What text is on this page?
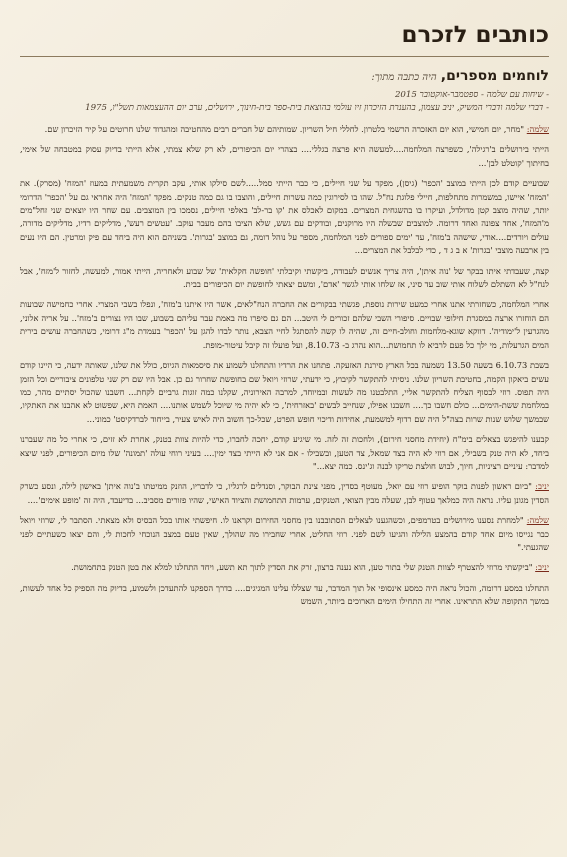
כותבים לזכרם
לוחמים מספרים, היה כתבה מתוך:
- שיחות עם שלמה - ספטמבר-אוקטובר 2015
- דברי שלמה ודברי המשיק, יניב עצמון, בהענרת הזיכרון זיו עולמי בהוצאת בית-ספר בית-חינוך, ירושלים, ערב יום ההעצמאות תשל"ו, 1975

שלמה: "מחר, יום חמישי, הוא יום האזכרה הרשמי בלטרון. לחללי חיל השריון. שמותיהם של חברים רבים מהחטיבה ומהגדוד שלנו חרוטים על קיר הזיכרון שם.

הייתי בירושלים ב'רגילה', כשפרצה המלחמה....למעשה היא פרצה בגללי.... בצהרי יום הכיפורים, לא רק שלא צמתי, אלא הייתי בדיוק עסוק במטבחה של אימי, בחיתוך 'קוטלט לבן'...

שבועיים קודם לכן הייתי במוצב 'הכפר' (גיסן), מפקד על שני חיילים, כי כבר הייתי סמל.....לשם סילקו אותי, עקב תקרית משמעתית במעוז 'המזח' (מסרק). את 'המזח' איישו, במשמרות מתחלפות, חיילי פלוגת נח"ל. שהו בו לסירוגין כמה עשרות חיילים, והוצבו בו גם כמה טנקים. מפקד 'המזח' היה אחראי גם על 'הכפר' הדרומי יותר, שהיה מוצב קטן מדולדל, ועיקרו בו בהשגחית המצרים. במקום לאכלס את 'קו בר-לב' באלפי חיילים, נסמכו בין המוצבים. עם שחר היו יוצאים שני זחל"מים מ'המזח', אחד צפונה ואחד דרומה. למוצבים שבשלה היו מרוקנים, ובודקים עם גשש, שלא הציבו בהם מעבר עוקב. 'עטשים רעש', מדליקים רדיו, מדליקים מדורה, עולים ויורדים....אודי, שישהה ב'מזח', עד 'ימים ספורים לפני המלחמה, מספר על נוהל דומה, גם במוצב 'בגרות'. בשניהם הוא היה ביחד עם פיק ומרטין. הם היו נעים בין ארבעה מוצבי 'בגרות' א ב ג ד , כדי לבלבל את המצרים...

קצה, שעבדתי איתו בבקר של 'נוה איתן', היה צריך אנשים לעבודה, ביקשתי וקיבלתי 'חופשה חקלאית' של שבוע ולאחריה, הייתי אמור, למעשה, לחזור ל'מזח', אבל לנח"ל לא השתלם לשלוח אותי שוב עד סיני, אז שלחו אותי לגשר 'אדם', ומשם יצאתי לחופשת יום הכיפורים בבית.

אחרי המלחמה, כשחזרתי אתנו אחרי כמעט שירות נוספת, פגשתי בבקורים את החברה הנח"לאים, אשר היו איתנו ב'מזח', ונפלו בשבי המצרי. אחרי כחמישה שבועות הם הוחזרו ארצה במסגרת חילופי שבויים. סיפורי השבי שלהם זכורים לי היטב... הם גם סיפרו מה באמת עבר עליהם בשבוע, שבו היו נצורים ב'מזח'.. על אריה אלוני, מהגרעין ל'ימודיה'. דווקא שוגא-מלחמות וחולב-חיים זה, שהיה לו קשה להסתגל לחיי הצבא, נותר לבדו להגן על 'הכפר' בעמדת מ"ג דרומי, כשהחברה עושים בירית המים הגרעלות, מי ילך כל פעם לרביא לו תחמושת...הוא נהרג ב- 8.10.73, ועל פועלו זה קיבל עיטור-מופת.

בשבת 6.10.73 בשעה 13.50 נשמעה בכל הארץ סירנת האזעקה. פתחנו את הרדיו והתחלנו לשמוע את סיסמאות הגיוס, כולל את שלנו, שאותה ידעה, כי היינו קודם עשים ביאקון הקמה, בחטיבת השריון שלנו. ניסיתי להתקשר לקיבוץ, כי ידעתי, שרוזי ויואל שם בחופשת שחרור גם כן. אבל היו שם רק שני טלפונים ציבוריים וכל הזמן היה תפוס. רוזי לבסוף הצליח להתקשר אליי, התלבטנו מה לעשות ובמיוחד, למרבה האירוניה, שקלנו כמה זוגות גרביים לקחת... חשבנו שהכול יסתיים מהר, כמו במלחמת ששת-הימים... כולם חשבו כך.... חשבנו אפילו, שנחייב לבשים 'באזרחית', כי לא יהיה מי שיוכל לשמש אותנו.... האמת היא, שפשוט לא אהבנו את האתקיו, שבמשך שלוש שנות שרות בצה"ל היה שם רדוף למשמעת, אחידות ודיכוי חופש הפרט, שכל-כך חשוב היה לאיש צעיר, בייחוד לברדקיסט' כמוני...

קבענו להיפגש בצאלים בימ"ח (יחידת מחסני חירום), ולחכות זה לזה. מי שיגיע קודם, יחכה לחברו, כדי להיות צוות בטנק, אחרת לא זזים, כי אחרי כל מה שעברנו ביחד, לא היה טנק בשבילי, אם רוזי לא היה בצד שמאל, צד הטען, ובשבילו - אם אני לא הייתי בצד ימין.... בעיני רוחי עולה 'תמונה' שלו מיום הכיפורים, לפני שיצא למדבר: עיניים רציניות, חיוך, לבוש חולצת טריקו לבנה וג'ינס. כמה יצא..."

יניב: "ביום ראשון לפנות בוקר הופיע רוזי עם יואל, מעוטף בסדין, מפני צינת הבוקר, וסנדלים לרגליו, כי לדבריו, הוזנק ממיטתו ב'נוה איתן' באישון לילה, ונסע כשרק הסדין מגונן עליו. נראה היה כמלאך עטוף לבן, שעלה מבין הצואי, הטנקים, ערמות התחמושת והציוד האישי, שהיו פזורים מסביב... בדיעבד, היה זה 'מופע אימים'....

שלמה: "למחרת נסענו מירושלים בטרמפים, וכשהגענו לצאלים הסתובבנו בין מחסני החירום וקראנו לו. חיפשתי אותו בכל הבסיס ולא מצאתי. הסתבר לי, שרוזי ויואל כבר נגייסו מיום אחד קודם בהמצע הלילה והגיעו לשם לפני. רוזי החליט, אחרי שחבירו מה שהולך, שאין טעם במצב הנוכחי לחכות לי, והם יצאו כשעתיים לפני שהגעתי."

יניב: "ביקשתי מרוזי להצטרף לצוות הטנק שלי בתור טען, הוא נענה ברצון, זרק את הסדין לתוך תא תשע, ויחד התחלנו למלא את בטן הטנק בתחמושת.

התחלנו במסע דרומה, והכול נראה היה כמסע אינסופי אל תוך המדבר, עד שצללו עלינו המגיגים.... בדרך הספקנו להתעדכן ולשמוע, בדיוק מה הספיק כל אחד לעשות, במשך התקופה שלא התראינו. אחרי זה התחילו הימים הארוכים ביותר, השמש
